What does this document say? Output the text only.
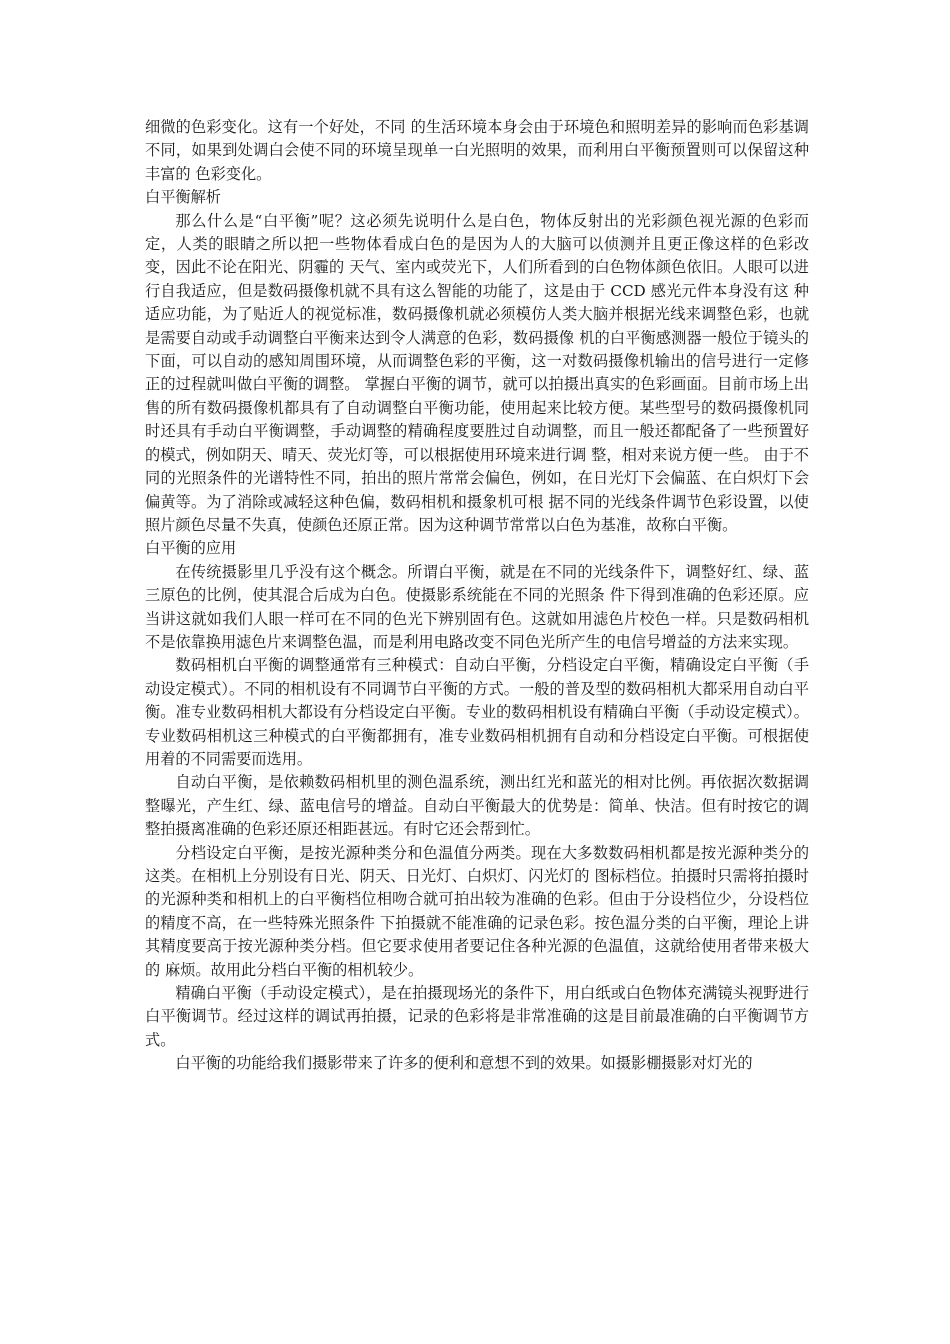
细微的色彩变化。这有一个好处，不同 的生活环境本身会由于环境色和照明差异的影响而色彩基调不同，如果到处调白会使不同的环境呈现单一白光照明的效果，而利用白平衡预置则可以保留这种丰富的 色彩变化。

白平衡解析

那么什么是“白平衡”呢？这必须先说明什么是白色，物体反射出的光彩颜色视光源的色彩而定，人类的眼睛之所以把一些物体看成白色的是因为人的大脑可以侦测并且更正像这样的色彩改变，因此不论在阳光、阴霾的 天气、室内或荧光下，人们所看到的白色物体颜色依旧。人眼可以进行自我适应，但是数码摄像机就不具有这么智能的功能了，这是由于 CCD 感光元件本身没有这 种适应功能，为了贴近人的视觉标准，数码摄像机就必须模仿人类大脑并根据光线来调整色彩，也就是需要自动或手动调整白平衡来达到令人满意的色彩，数码摄像 机的白平衡感测器一般位于镜头的下面，可以自动的感知周围环境，从而调整色彩的平衡，这一对数码摄像机输出的信号进行一定修正的过程就叫做白平衡的调整。 掌握白平衡的调节，就可以拍摄出真实的色彩画面。目前市场上出售的所有数码摄像机都具有了自动调整白平衡功能，使用起来比较方便。某些型号的数码摄像机同 时还具有手动白平衡调整，手动调整的精确程度要胜过自动调整，而且一般还都配备了一些预置好的模式，例如阴天、晴天、荧光灯等，可以根据使用环境来进行调 整，相对来说方便一些。 由于不同的光照条件的光谱特性不同，拍出的照片常常会偏色，例如，在日光灯下会偏蓝、在白炽灯下会偏黄等。为了消除或减轻这种色偏，数码相机和摄象机可根 据不同的光线条件调节色彩设置，以使照片颜色尽量不失真，使颜色还原正常。因为这种调节常常以白色为基准，故称白平衡。

白平衡的应用

在传统摄影里几乎没有这个概念。所谓白平衡，就是在不同的光线条件下，调整好红、绿、蓝三原色的比例，使其混合后成为白色。使摄影系统能在不同的光照条 件下得到准确的色彩还原。应当讲这就如我们人眼一样可在不同的色光下辨别固有色。这就如用滤色片校色一样。只是数码相机不是依靠换用滤色片来调整色温，而是利用电路改变不同色光所产生的电信号增益的方法来实现。

数码相机白平衡的调整通常有三种模式：自动白平衡，分档设定白平衡，精确设定白平衡（手动设定模式）。不同的相机设有不同调节白平衡的方式。一般的普及型的数码相机大都采用自动白平衡。准专业数码相机大都设有分档设定白平衡。专业的数码相机设有精确白平衡（手动设定模式）。专业数码相机这三种模式的白平衡都拥有，准专业数码相机拥有自动和分档设定白平衡。可根据使用着的不同需要而选用。

自动白平衡，是依赖数码相机里的测色温系统，测出红光和蓝光的相对比例。再依据次数据调整曝光，产生红、绿、蓝电信号的增益。自动白平衡最大的优势是：简单、快洁。但有时按它的调整拍摄离准确的色彩还原还相距甚远。有时它还会帮到忙。

分档设定白平衡，是按光源种类分和色温值分两类。现在大多数数码相机都是按光源种类分的这类。在相机上分别设有日光、阴天、日光灯、白炽灯、闪光灯的 图标档位。拍摄时只需将拍摄时的光源种类和相机上的白平衡档位相吻合就可拍出较为准确的色彩。但由于分设档位少，分设档位的精度不高，在一些特殊光照条件 下拍摄就不能准确的记录色彩。按色温分类的白平衡，理论上讲其精度要高于按光源种类分档。但它要求使用者要记住各种光源的色温值，这就给使用者带来极大的 麻烦。故用此分档白平衡的相机较少。

精确白平衡（手动设定模式），是在拍摄现场光的条件下，用白纸或白色物体充满镜头视野进行白平衡调节。经过这样的调试再拍摄，记录的色彩将是非常准确的这是目前最准确的白平衡调节方式。

白平衡的功能给我们摄影带来了许多的便利和意想不到的效果。如摄影棚摄影对灯光的
